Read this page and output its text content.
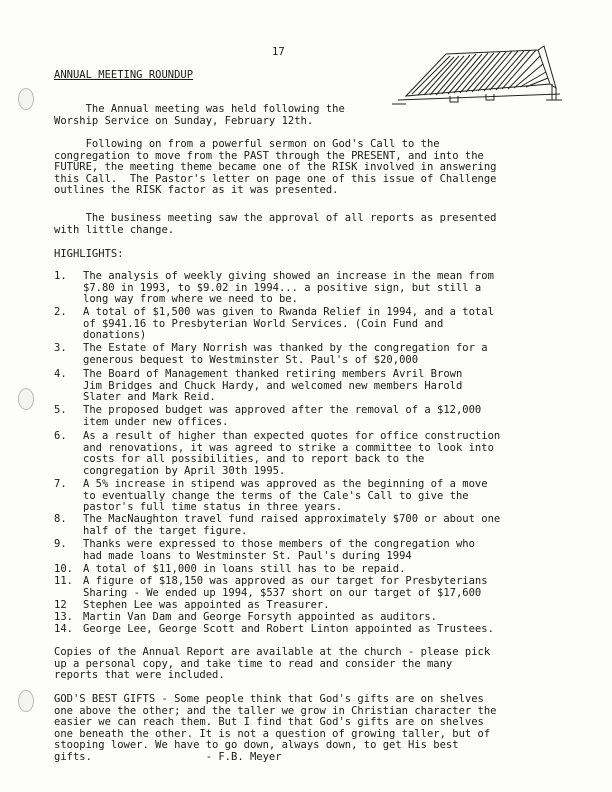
17
ANNUAL MEETING ROUNDUP
The Annual meeting was held following the
Worship Service on Sunday, February 12th.
Following on from a powerful sermon on God's Call to the
congregation to move from the PAST through the PRESENT, and into the
FUTURE, the meeting theme became one of the RISK involved in answering
this Call.  The Pastor's letter on page one of this issue of Challenge
outlines the RISK factor as it was presented.
The business meeting saw the approval of all reports as presented
with little change.
HIGHLIGHTS:
1. The analysis of weekly giving showed an increase in the mean from
$7.80 in 1993, to $9.02 in 1994... a positive sign, but still a
long way from where we need to be.
2. A total of $1,500 was given to Rwanda Relief in 1994, and a total
of $941.16 to Presbyterian World Services. (Coin Fund and
donations)
3. The Estate of Mary Norrish was thanked by the congregation for a
generous bequest to Westminster St. Paul's of $20,000
4. The Board of Management thanked retiring members Avril Brown
Jim Bridges and Chuck Hardy, and welcomed new members Harold
Slater and Mark Reid.
5. The proposed budget was approved after the removal of a $12,000
item under new offices.
6. As a result of higher than expected quotes for office construction
and renovations, it was agreed to strike a committee to look into
costs for all possibilities, and to report back to the
congregation by April 30th 1995.
7. A 5% increase in stipend was approved as the beginning of a move
to eventually change the terms of the Cale's Call to give the
pastor's full time status in three years.
8. The MacNaughton travel fund raised approximately $700 or about one
half of the target figure.
9. Thanks were expressed to those members of the congregation who
had made loans to Westminster St. Paul's during 1994
10. A total of $11,000 in loans still has to be repaid.
11. A figure of $18,150 was approved as our target for Presbyterians
Sharing - We ended up 1994, $537 short on our target of $17,600
12 Stephen Lee was appointed as Treasurer.
13. Martin Van Dam and George Forsyth appointed as auditors.
14. George Lee, George Scott and Robert Linton appointed as Trustees.
Copies of the Annual Report are available at the church - please pick
up a personal copy, and take time to read and consider the many
reports that were included.
GOD'S BEST GIFTS - Some people think that God's gifts are on shelves
one above the other; and the taller we grow in Christian character the
easier we can reach them. But I find that God's gifts are on shelves
one beneath the other. It is not a question of growing taller, but of
stooping lower. We have to go down, always down, to get His best
gifts.                  - F.B. Meyer
